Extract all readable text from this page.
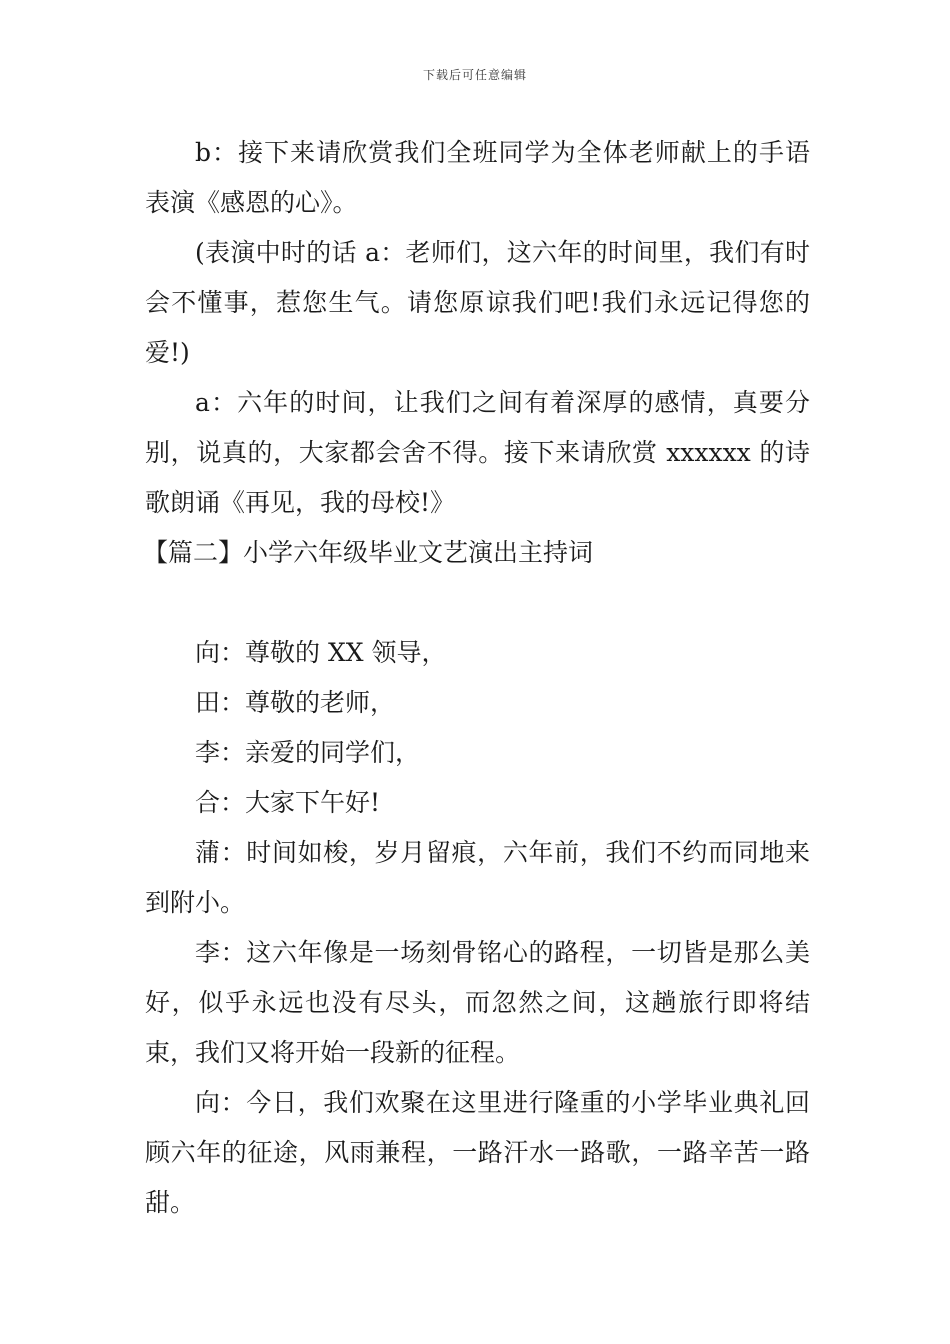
下载后可任意编辑

b：接下来请欣赏我们全班同学为全体老师献上的手语表演《感恩的心》。

(表演中时的话 a：老师们，这六年的时间里，我们有时会不懂事，惹您生气。请您原谅我们吧!我们永远记得您的爱!)

a：六年的时间，让我们之间有着深厚的感情，真要分别，说真的，大家都会舍不得。接下来请欣赏 xxxxxx 的诗歌朗诵《再见，我的母校!》

【篇二】小学六年级毕业文艺演出主持词

向：尊敬的 XX 领导，

田：尊敬的老师，

李：亲爱的同学们，

合：大家下午好!

蒲：时间如梭，岁月留痕，六年前，我们不约而同地来到附小。

李：这六年像是一场刻骨铭心的路程，一切皆是那么美好，似乎永远也没有尽头，而忽然之间，这趟旅行即将结束，我们又将开始一段新的征程。

向：今日，我们欢聚在这里进行隆重的小学毕业典礼回顾六年的征途，风雨兼程，一路汗水一路歌，一路辛苦一路甜。
